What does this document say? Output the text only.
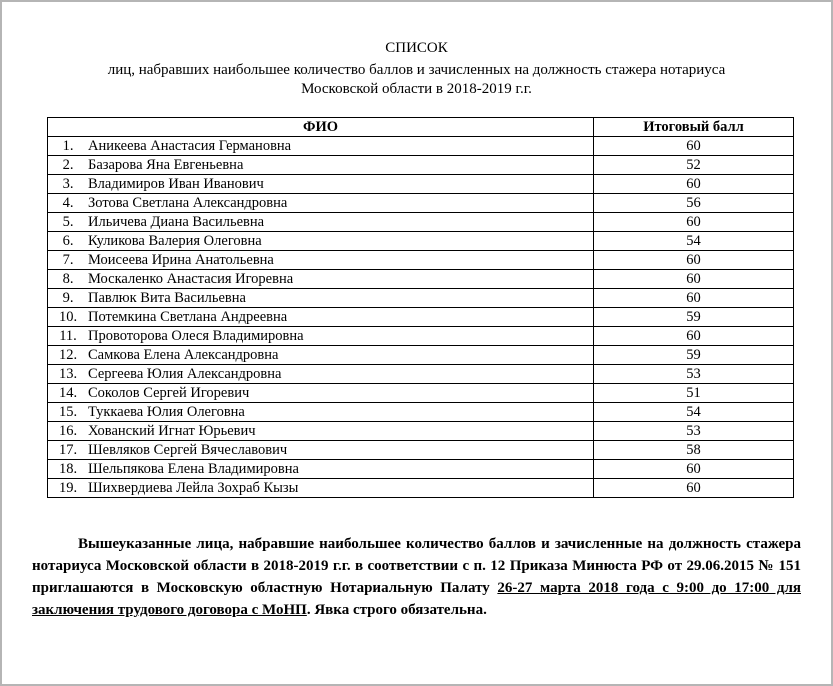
СПИСОК
лиц, набравших наибольшее количество баллов и зачисленных на должность стажера нотариуса
Московской области в 2018-2019 г.г.
ФИО	Итоговый балл
1. Аникеева Анастасия Германовна	60
2. Базарова Яна Евгеньевна	52
3. Владимиров Иван Иванович	60
4. Зотова Светлана Александровна	56
5. Ильичева Диана Васильевна	60
6. Куликова Валерия Олеговна	54
7. Моисеева Ирина Анатольевна	60
8. Москаленко Анастасия Игоревна	60
9. Павлюк Вита Васильевна	60
10. Потемкина Светлана Андреевна	59
11. Провоторова Олеся Владимировна	60
12. Самкова Елена Александровна	59
13. Сергеева Юлия Александровна	53
14. Соколов Сергей Игоревич	51
15. Туккаева Юлия Олеговна	54
16. Хованский Игнат Юрьевич	53
17. Шевляков Сергей Вячеславович	58
18. Шельпякова Елена Владимировна	60
19. Шихвердиева Лейла Зохраб Кызы	60

Вышеуказанные лица, набравшие наибольшее количество баллов и зачисленные на должность стажера нотариуса Московской области в 2018-2019 г.г. в соответствии с п. 12 Приказа Минюста РФ от 29.06.2015 № 151 приглашаются в Московскую областную Нотариальную Палату 26-27 марта 2018 года с 9:00 до 17:00 для заключения трудового договора с МоНП. Явка строго обязательна.
